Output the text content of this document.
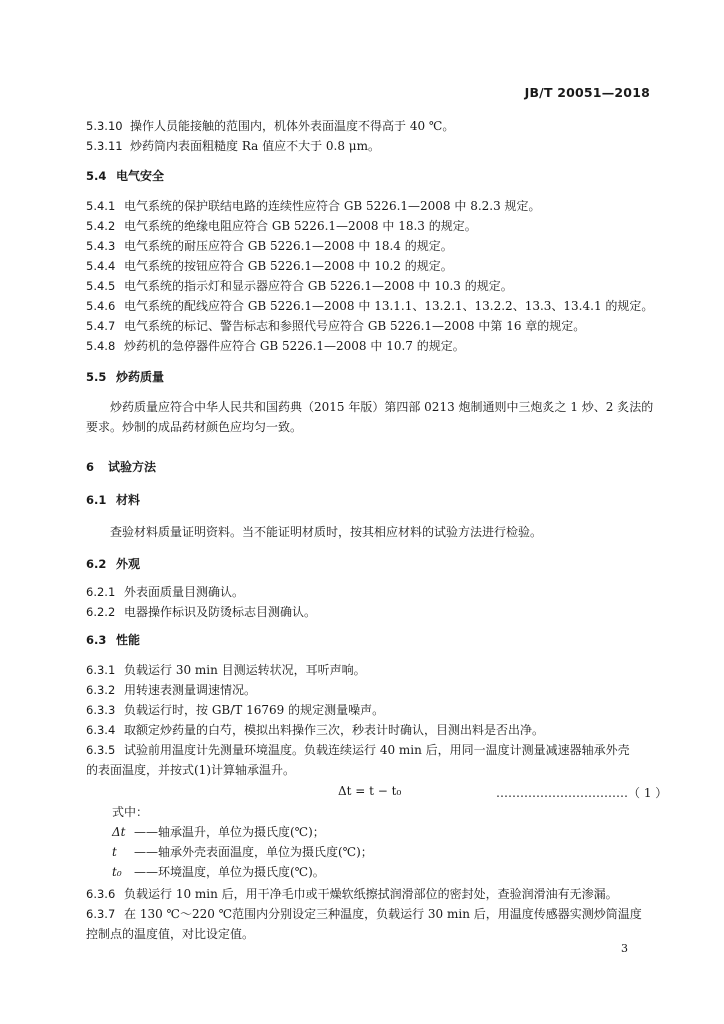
JB/T 20051—2018
5.3.10 操作人员能接触的范围内，机体外表面温度不得高于 40 ℃。
5.3.11 炒药筒内表面粗糙度 Ra 值应不大于 0.8 μm。
5.4 电气安全
5.4.1 电气系统的保护联结电路的连续性应符合 GB 5226.1—2008 中 8.2.3 规定。
5.4.2 电气系统的绝缘电阻应符合 GB 5226.1—2008 中 18.3 的规定。
5.4.3 电气系统的耐压应符合 GB 5226.1—2008 中 18.4 的规定。
5.4.4 电气系统的按钮应符合 GB 5226.1—2008 中 10.2 的规定。
5.4.5 电气系统的指示灯和显示器应符合 GB 5226.1—2008 中 10.3 的规定。
5.4.6 电气系统的配线应符合 GB 5226.1—2008 中 13.1.1、13.2.1、13.2.2、13.3、13.4.1 的规定。
5.4.7 电气系统的标记、警告标志和参照代号应符合 GB 5226.1—2008 中第 16 章的规定。
5.4.8 炒药机的急停器件应符合 GB 5226.1—2008 中 10.7 的规定。
5.5 炒药质量
炒药质量应符合中华人民共和国药典（2015 年版）第四部 0213 炮制通则中三炮炙之 1 炒、2 炙法的
要求。炒制的成品药材颜色应均匀一致。
6 试验方法
6.1 材料
查验材料质量证明资料。当不能证明材质时，按其相应材料的试验方法进行检验。
6.2 外观
6.2.1 外表面质量目测确认。
6.2.2 电器操作标识及防烫标志目测确认。
6.3 性能
6.3.1 负载运行 30 min 目测运转状况，耳听声响。
6.3.2 用转速表测量调速情况。
6.3.3 负载运行时，按 GB/T 16769 的规定测量噪声。
6.3.4 取额定炒药量的白芍，模拟出料操作三次，秒表计时确认，目测出料是否出净。
6.3.5 试验前用温度计先测量环境温度。负载连续运行 40 min 后，用同一温度计测量减速器轴承外壳
的表面温度，并按式(1)计算轴承温升。
Δt = t − t₀	……………………………（ 1 ）
式中：
Δt ——轴承温升，单位为摄氏度(℃)；
t ——轴承外壳表面温度，单位为摄氏度(℃)；
t₀ ——环境温度，单位为摄氏度(℃)。
6.3.6 负载运行 10 min 后，用干净毛巾或干燥软纸擦拭润滑部位的密封处，查验润滑油有无渗漏。
6.3.7 在 130 ℃～220 ℃范围内分别设定三种温度，负载运行 30 min 后，用温度传感器实测炒筒温度
控制点的温度值，对比设定值。
3
